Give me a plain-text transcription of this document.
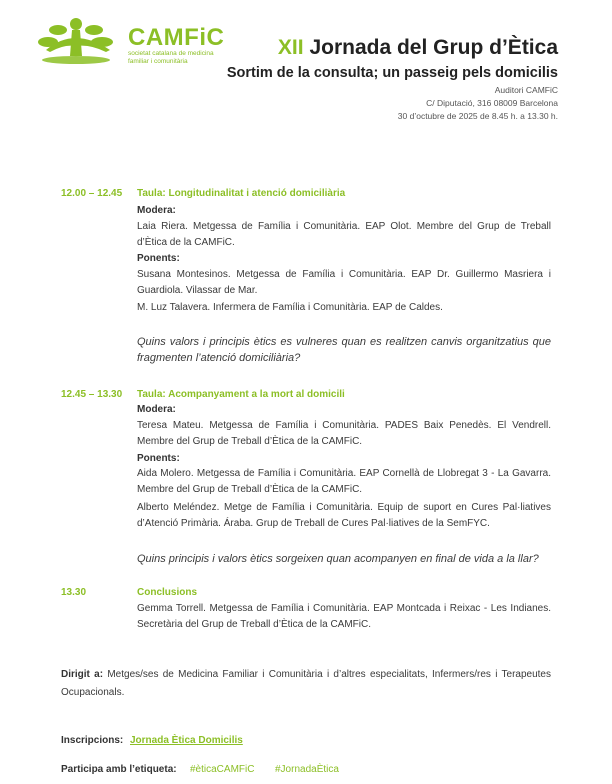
CAMFiC
societat catalana de medicina
familiar i comunitària
XII Jornada del Grup d’Ètica
Sortim de la consulta; un passeig pels domicilis
Auditori CAMFiC
C/ Diputació, 316 08009 Barcelona
30 d’octubre de 2025 de 8.45 h. a 13.30 h.
12.00 – 12.45 Taula: Longitudinalitat i atenció domiciliària
Modera:
Laia Riera. Metgessa de Família i Comunitària. EAP Olot. Membre del Grup de Treball d’Ètica de la CAMFiC.
Ponents:
Susana Montesinos. Metgessa de Família i Comunitària. EAP Dr. Guillermo Masriera i Guardiola. Vilassar de Mar.
M. Luz Talavera. Infermera de Família i Comunitària. EAP de Caldes.
Quins valors i principis ètics es vulneres quan es realitzen canvis organitzatius que fragmenten l’atenció domiciliària?
12.45 – 13.30 Taula: Acompanyament a la mort al domicili
Modera:
Teresa Mateu. Metgessa de Família i Comunitària. PADES Baix Penedès. El Vendrell. Membre del Grup de Treball d’Ètica de la CAMFiC.
Ponents:
Aida Molero. Metgessa de Família i Comunitària. EAP Cornellà de Llobregat 3 - La Gavarra. Membre del Grup de Treball d’Ètica de la CAMFiC.
Alberto Meléndez. Metge de Família i Comunitària. Equip de suport en Cures Pal·liatives d’Atenció Primària. Áraba. Grup de Treball de Cures Pal·liatives de la SemFYC.
Quins principis i valors ètics sorgeixen quan acompanyen en final de vida a la llar?
13.30	Conclusions
Gemma Torrell. Metgessa de Família i Comunitària. EAP Montcada i Reixac - Les Indianes. Secretària del Grup de Treball d’Ètica de la CAMFiC.
Dirigit a: Metges/ses de Medicina Familiar i Comunitària i d’altres especialitats, Infermers/res i Terapeutes Ocupacionals.
Inscripcions: Jornada Ètica Domicilis
Participa amb l’etiqueta: #èticaCAMFiC #JornadaÈtica
